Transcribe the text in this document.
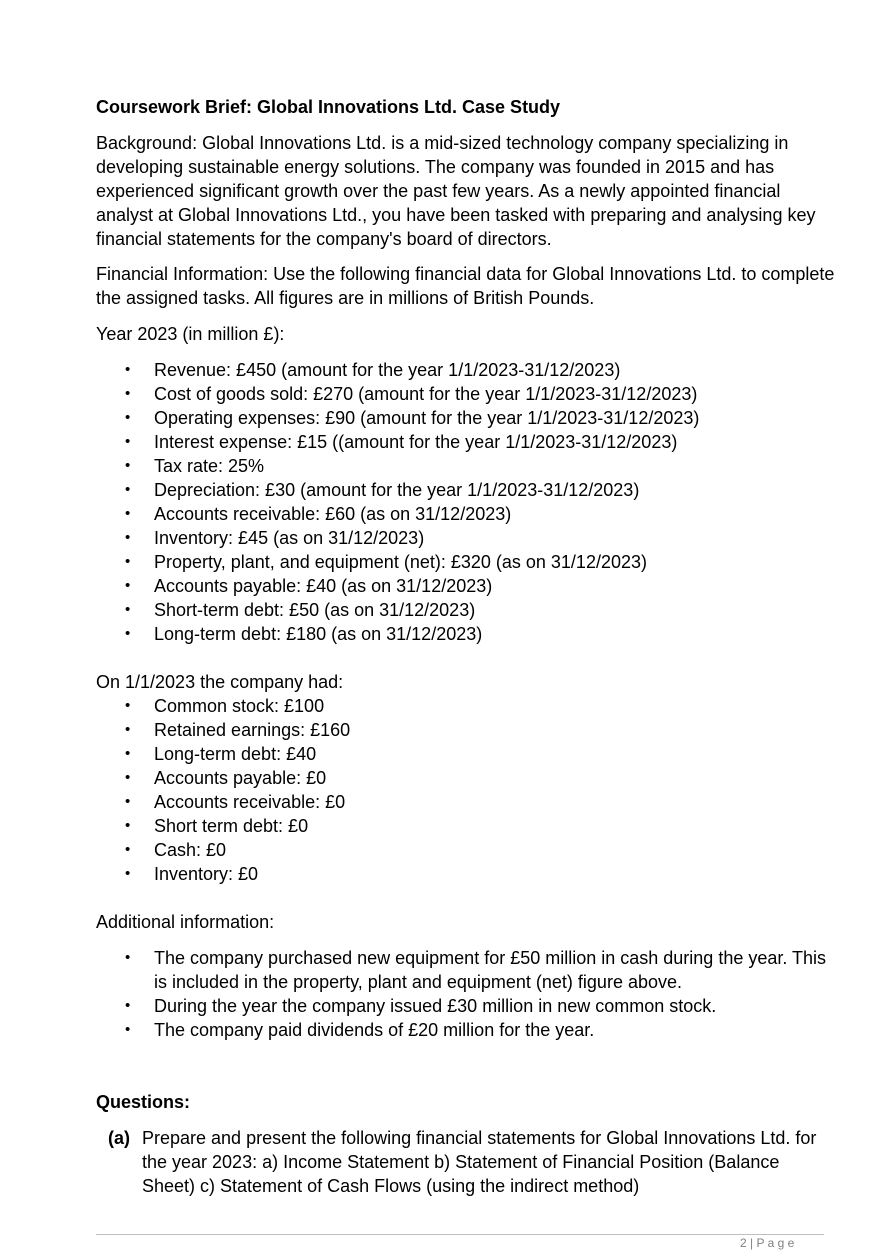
Coursework Brief: Global Innovations Ltd. Case Study

Background: Global Innovations Ltd. is a mid-sized technology company specializing in developing sustainable energy solutions. The company was founded in 2015 and has experienced significant growth over the past few years. As a newly appointed financial analyst at Global Innovations Ltd., you have been tasked with preparing and analysing key financial statements for the company's board of directors.

Financial Information: Use the following financial data for Global Innovations Ltd. to complete the assigned tasks. All figures are in millions of British Pounds.

Year 2023 (in million £):

• Revenue: £450 (amount for the year 1/1/2023-31/12/2023)
• Cost of goods sold: £270 (amount for the year 1/1/2023-31/12/2023)
• Operating expenses: £90 (amount for the year 1/1/2023-31/12/2023)
• Interest expense: £15 ((amount for the year 1/1/2023-31/12/2023)
• Tax rate: 25%
• Depreciation: £30 (amount for the year 1/1/2023-31/12/2023)
• Accounts receivable: £60 (as on 31/12/2023)
• Inventory: £45 (as on 31/12/2023)
• Property, plant, and equipment (net): £320 (as on 31/12/2023)
• Accounts payable: £40 (as on 31/12/2023)
• Short-term debt: £50 (as on 31/12/2023)
• Long-term debt: £180 (as on 31/12/2023)

On 1/1/2023 the company had:

• Common stock: £100
• Retained earnings: £160
• Long-term debt: £40
• Accounts payable: £0
• Accounts receivable: £0
• Short term debt: £0
• Cash: £0
• Inventory: £0

Additional information:

• The company purchased new equipment for £50 million in cash during the year. This is included in the property, plant and equipment (net) figure above.
• During the year the company issued £30 million in new common stock.
• The company paid dividends of £20 million for the year.

Questions:

(a) Prepare and present the following financial statements for Global Innovations Ltd. for the year 2023: a) Income Statement b) Statement of Financial Position (Balance Sheet) c) Statement of Cash Flows (using the indirect method)
2 | P a g e
